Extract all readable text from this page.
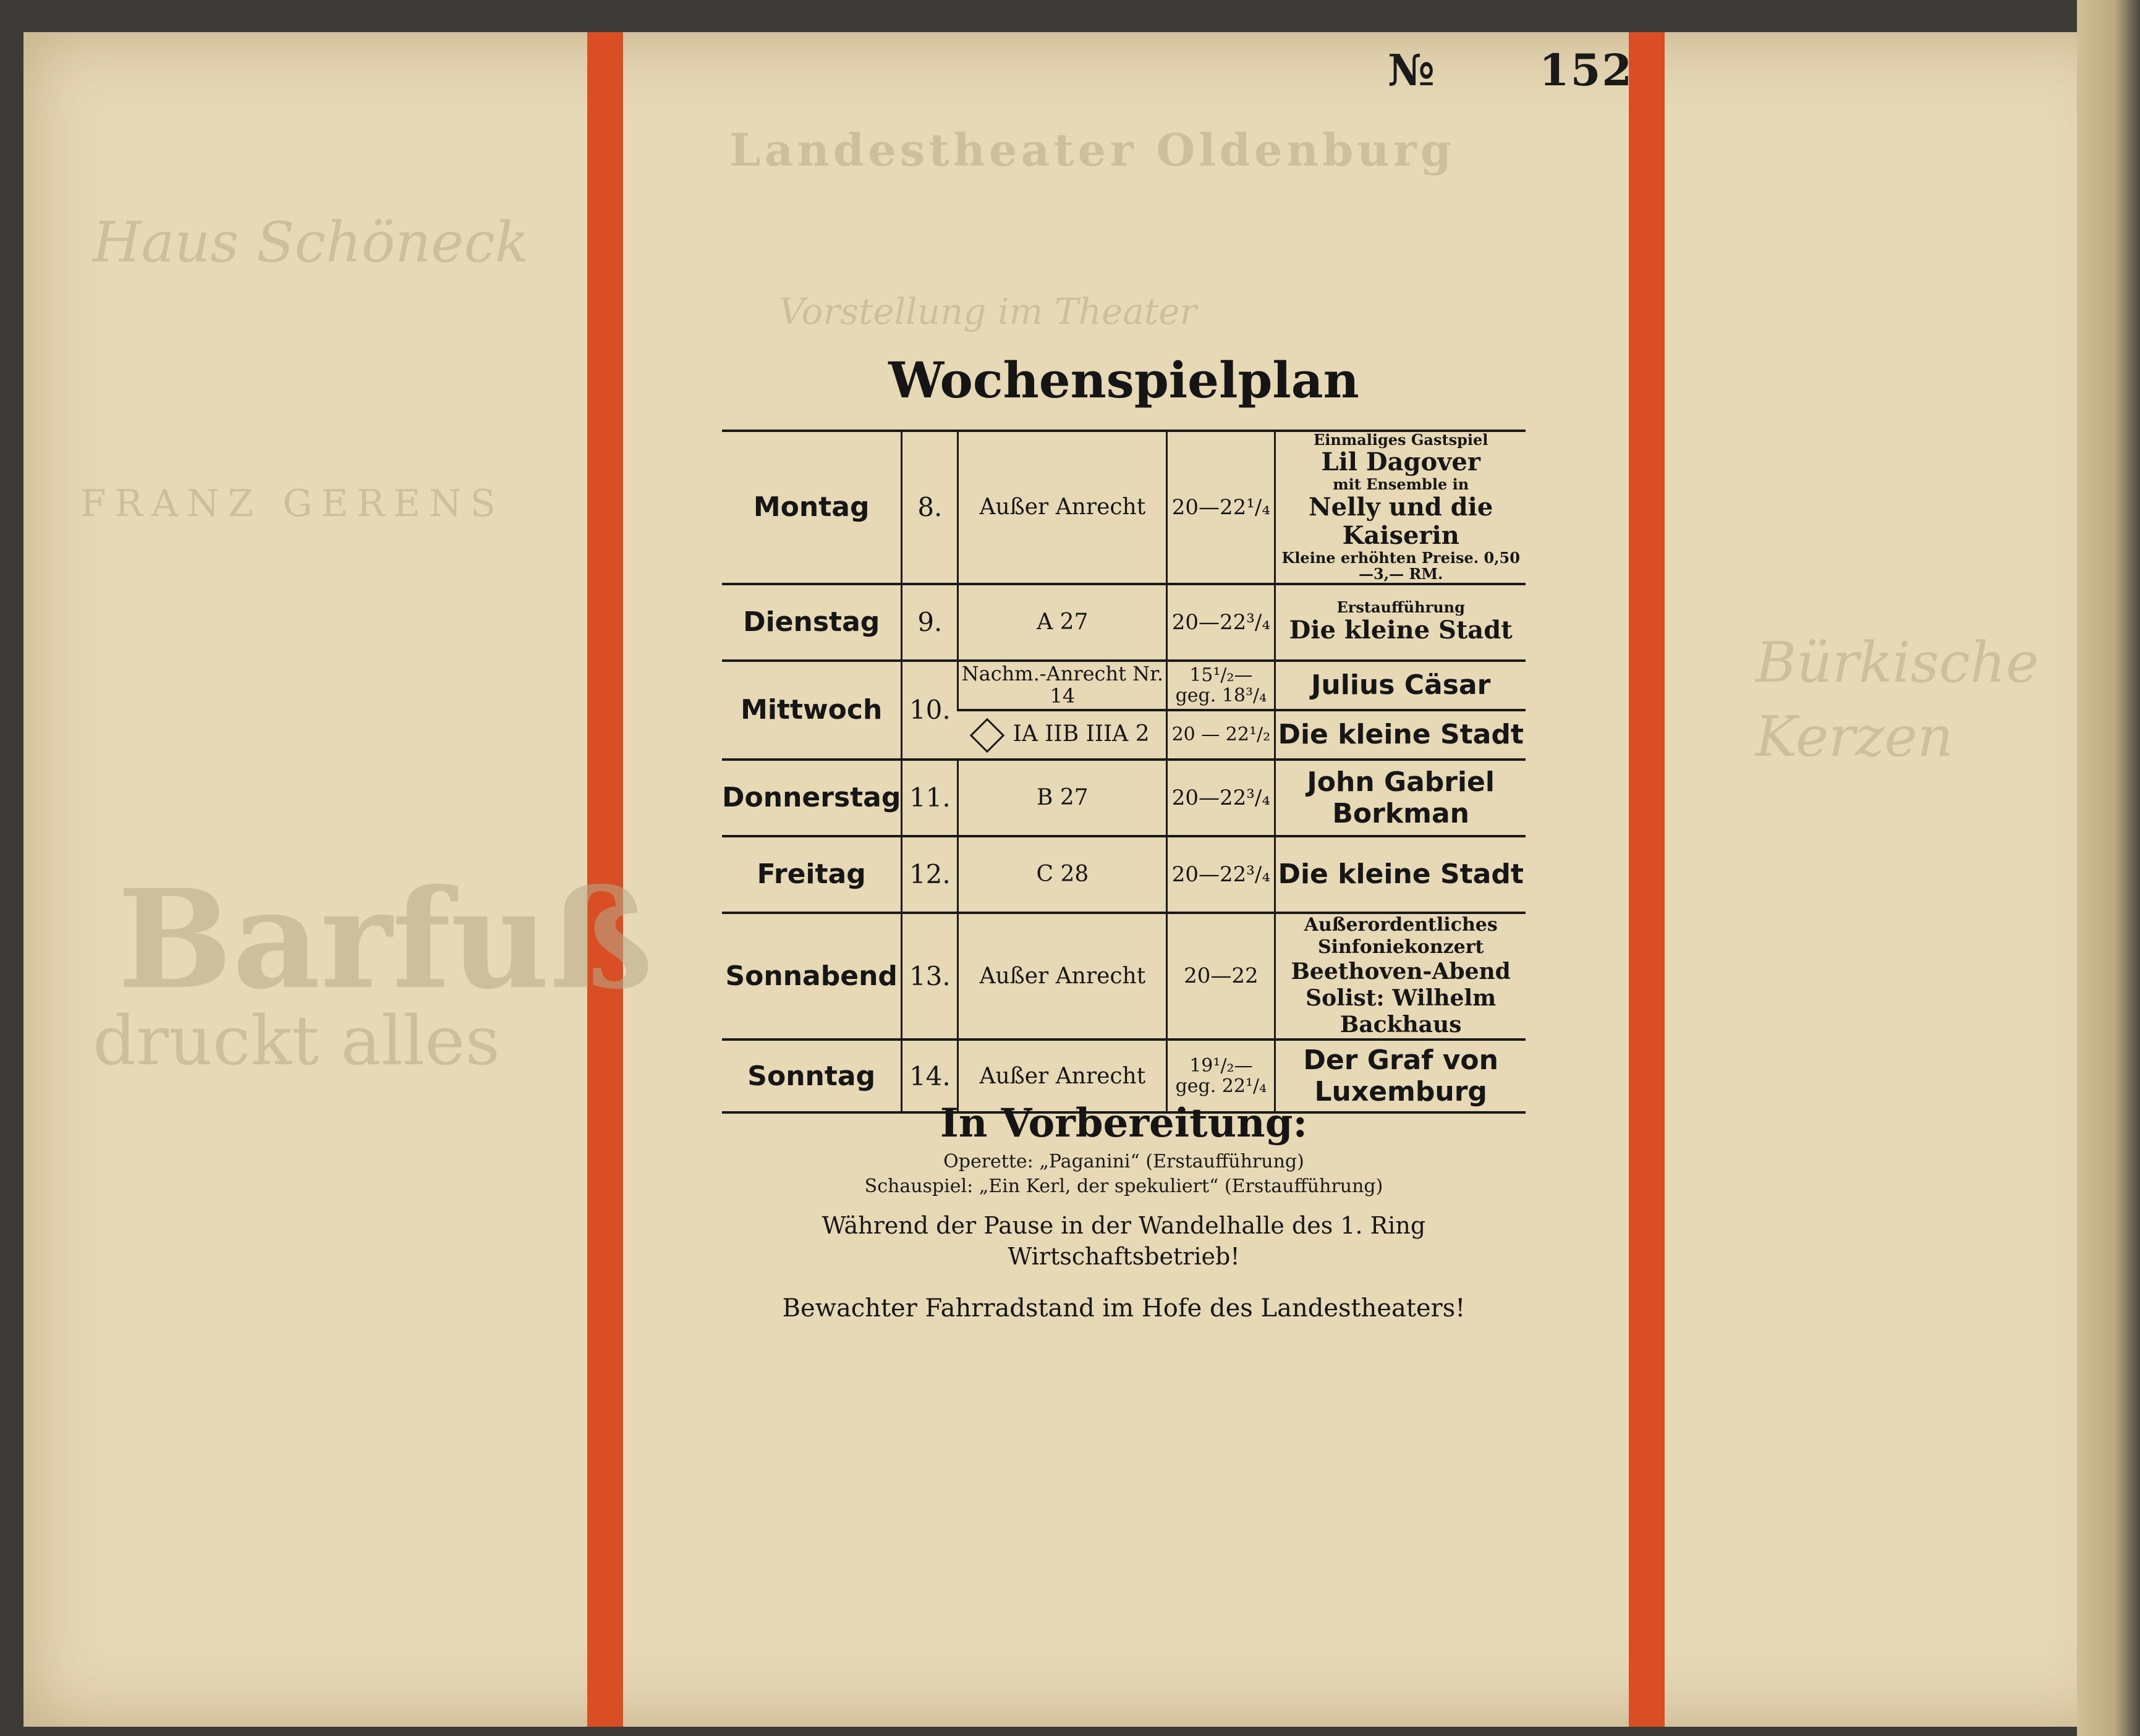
Landestheater Oldenburg
Vorstellung im Theater
Haus Schöneck
FRANZ GERENS
Barfuß
druckt alles
Bürkische
Kerzen
№ 152
Wochenspielplan
Montag	8.	Außer Anrecht	20—22¹/₄	Einmaliges Gastspiel
Lil Dagover
mit Ensemble in
Nelly und die Kaiserin
Kleine erhöhten Preise. 0,50—3,— RM.

Dienstag	9.	A 27	20—22³/₄	Erstaufführung
Die kleine Stadt

Mittwoch	10.	Nachm.-Anrecht Nr. 14	15¹/₂— geg. 18³/₄	Julius Cäsar
		IA IIB IIIA 2	20 — 22¹/₂	Die kleine Stadt
Donnerstag	11.	B 27	20—22³/₄	John Gabriel Borkman
Freitag	12.	C 28	20—22³/₄	Die kleine Stadt
Sonnabend	13.	Außer Anrecht	20—22	Außerordentliches
Sinfoniekonzert
Beethoven-Abend
Solist: Wilhelm Backhaus

Sonntag	14.	Außer Anrecht	19¹/₂— geg. 22¹/₄	Der Graf von Luxemburg
In Vorbereitung:
Operette: „Paganini“ (Erstaufführung)
Schauspiel: „Ein Kerl, der spekuliert“ (Erstaufführung)
Während der Pause in der Wandelhalle des 1. Ring
Wirtschaftsbetrieb!
Bewachter Fahrradstand im Hofe des Landestheaters!
